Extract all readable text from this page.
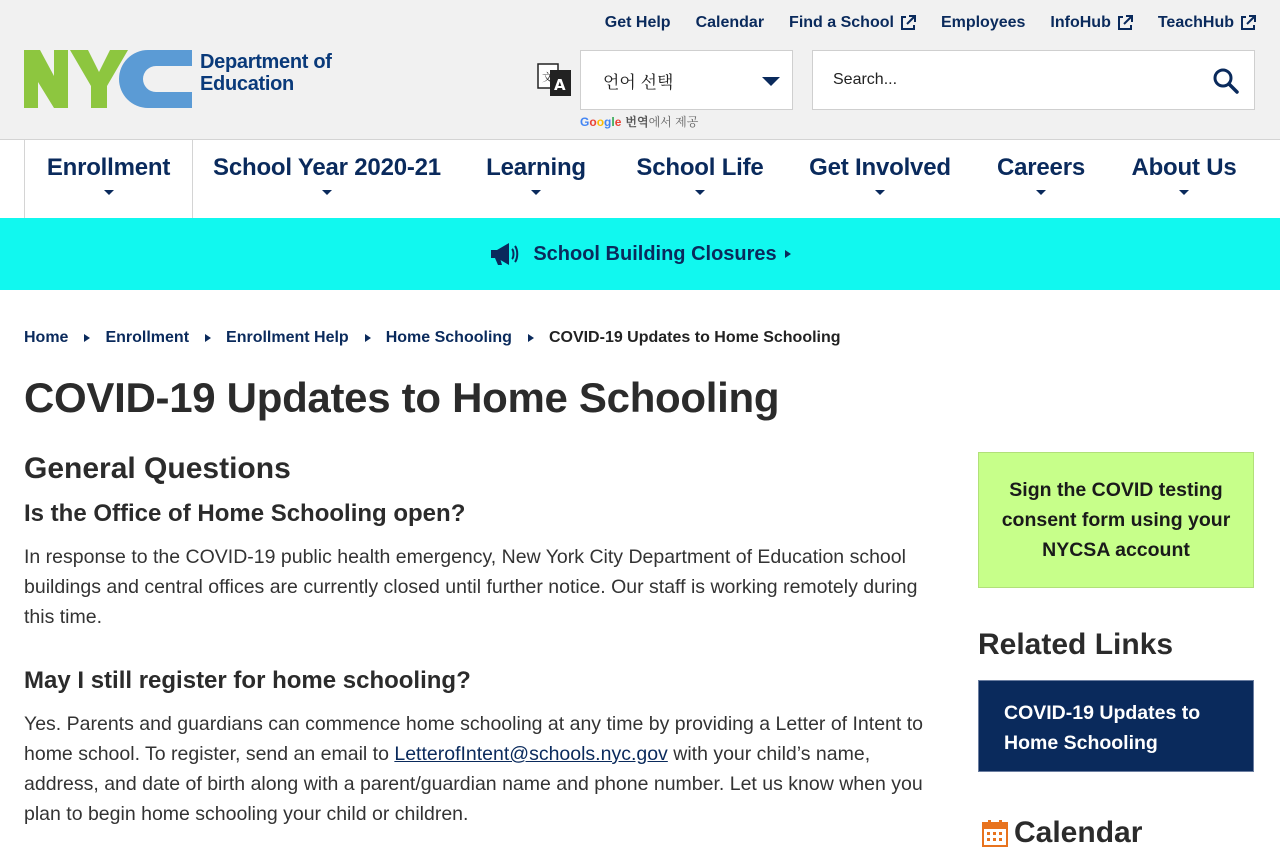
Get Help Calendar Find a School	Employees InfoHub	TeachHub
Department of
Education	文 A 언어 선택
Google 번역 에서 제공
Search...
Enrollment School Year 2020-21 Learning School Life Get Involved Careers About Us
School Building Closures
Home Enrollment Enrollment Help Home Schooling COVID-19 Updates to Home Schooling
COVID-19 Updates to Home Schooling
General Questions
Is the Office of Home Schooling open?

In response to the COVID-19 public health emergency, New York City Department of Education school buildings and central offices are currently closed until further notice. Our staff is working remotely during this time.

May I still register for home schooling?

Yes. Parents and guardians can commence home schooling at any time by providing a Letter of Intent to home school. To register, send an email to LetterofIntent@schools.nyc.gov with your child’s name, address, and date of birth along with a parent/guardian name and phone number. Let us know when you plan to begin home schooling your child or children.

Sign the COVID testing consent form using your NYCSA account
Related Links
COVID-19 Updates to Home Schooling
Calendar
